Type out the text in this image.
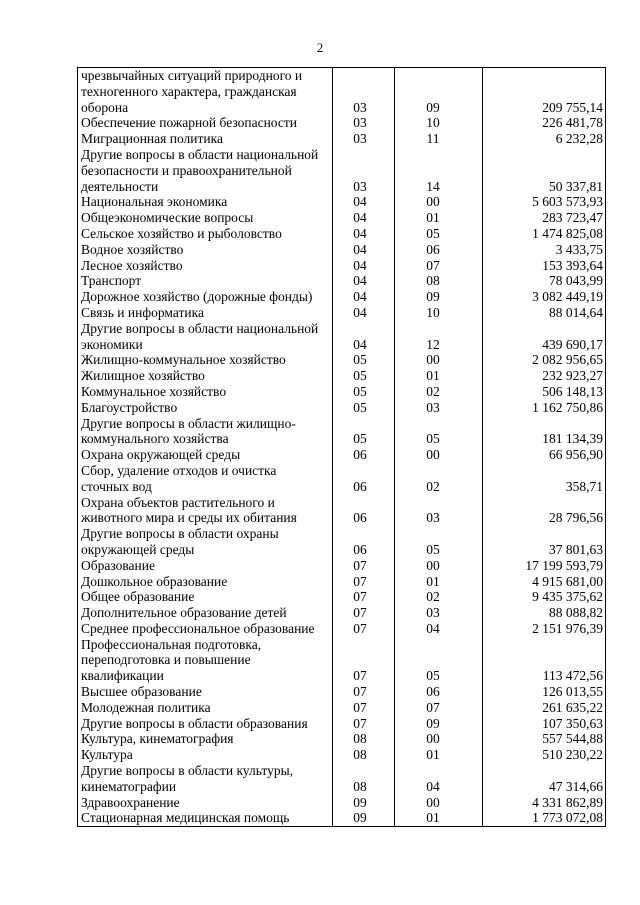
2
чрезвычайных ситуаций природного и
техногенного характера, гражданская
оборона	03	09	209 755,14

Обеспечение пожарной безопасности	03	10	226 481,78

Миграционная политика	03	11	6 232,28

Другие вопросы в области национальной
безопасности и правоохранительной
деятельности	03	14	50 337,81

Национальная экономика	04	00	5 603 573,93

Общеэкономические вопросы	04	01	283 723,47

Сельское хозяйство и рыболовство	04	05	1 474 825,08

Водное хозяйство	04	06	3 433,75

Лесное хозяйство	04	07	153 393,64

Транспорт	04	08	78 043,99

Дорожное хозяйство (дорожные фонды)	04	09	3 082 449,19

Связь и информатика	04	10	88 014,64

Другие вопросы в области национальной
экономики	04	12	439 690,17

Жилищно-коммунальное хозяйство	05	00	2 082 956,65

Жилищное хозяйство	05	01	232 923,27

Коммунальное хозяйство	05	02	506 148,13

Благоустройство	05	03	1 162 750,86

Другие вопросы в области жилищно-
коммунального хозяйства	05	05	181 134,39

Охрана окружающей среды	06	00	66 956,90

Сбор, удаление отходов и очистка
сточных вод	06	02	358,71

Охрана объектов растительного и
животного мира и среды их обитания	06	03	28 796,56

Другие вопросы в области охраны
окружающей среды	06	05	37 801,63

Образование	07	00	17 199 593,79

Дошкольное образование	07	01	4 915 681,00

Общее образование	07	02	9 435 375,62

Дополнительное образование детей	07	03	88 088,82

Среднее профессиональное образование	07	04	2 151 976,39

Профессиональная подготовка,
переподготовка и повышение
квалификации	07	05	113 472,56

Высшее образование	07	06	126 013,55

Молодежная политика	07	07	261 635,22

Другие вопросы в области образования	07	09	107 350,63

Культура, кинематография	08	00	557 544,88

Культура	08	01	510 230,22

Другие вопросы в области культуры,
кинематографии	08	04	47 314,66

Здравоохранение	09	00	4 331 862,89

Стационарная медицинская помощь	09	01	1 773 072,08
